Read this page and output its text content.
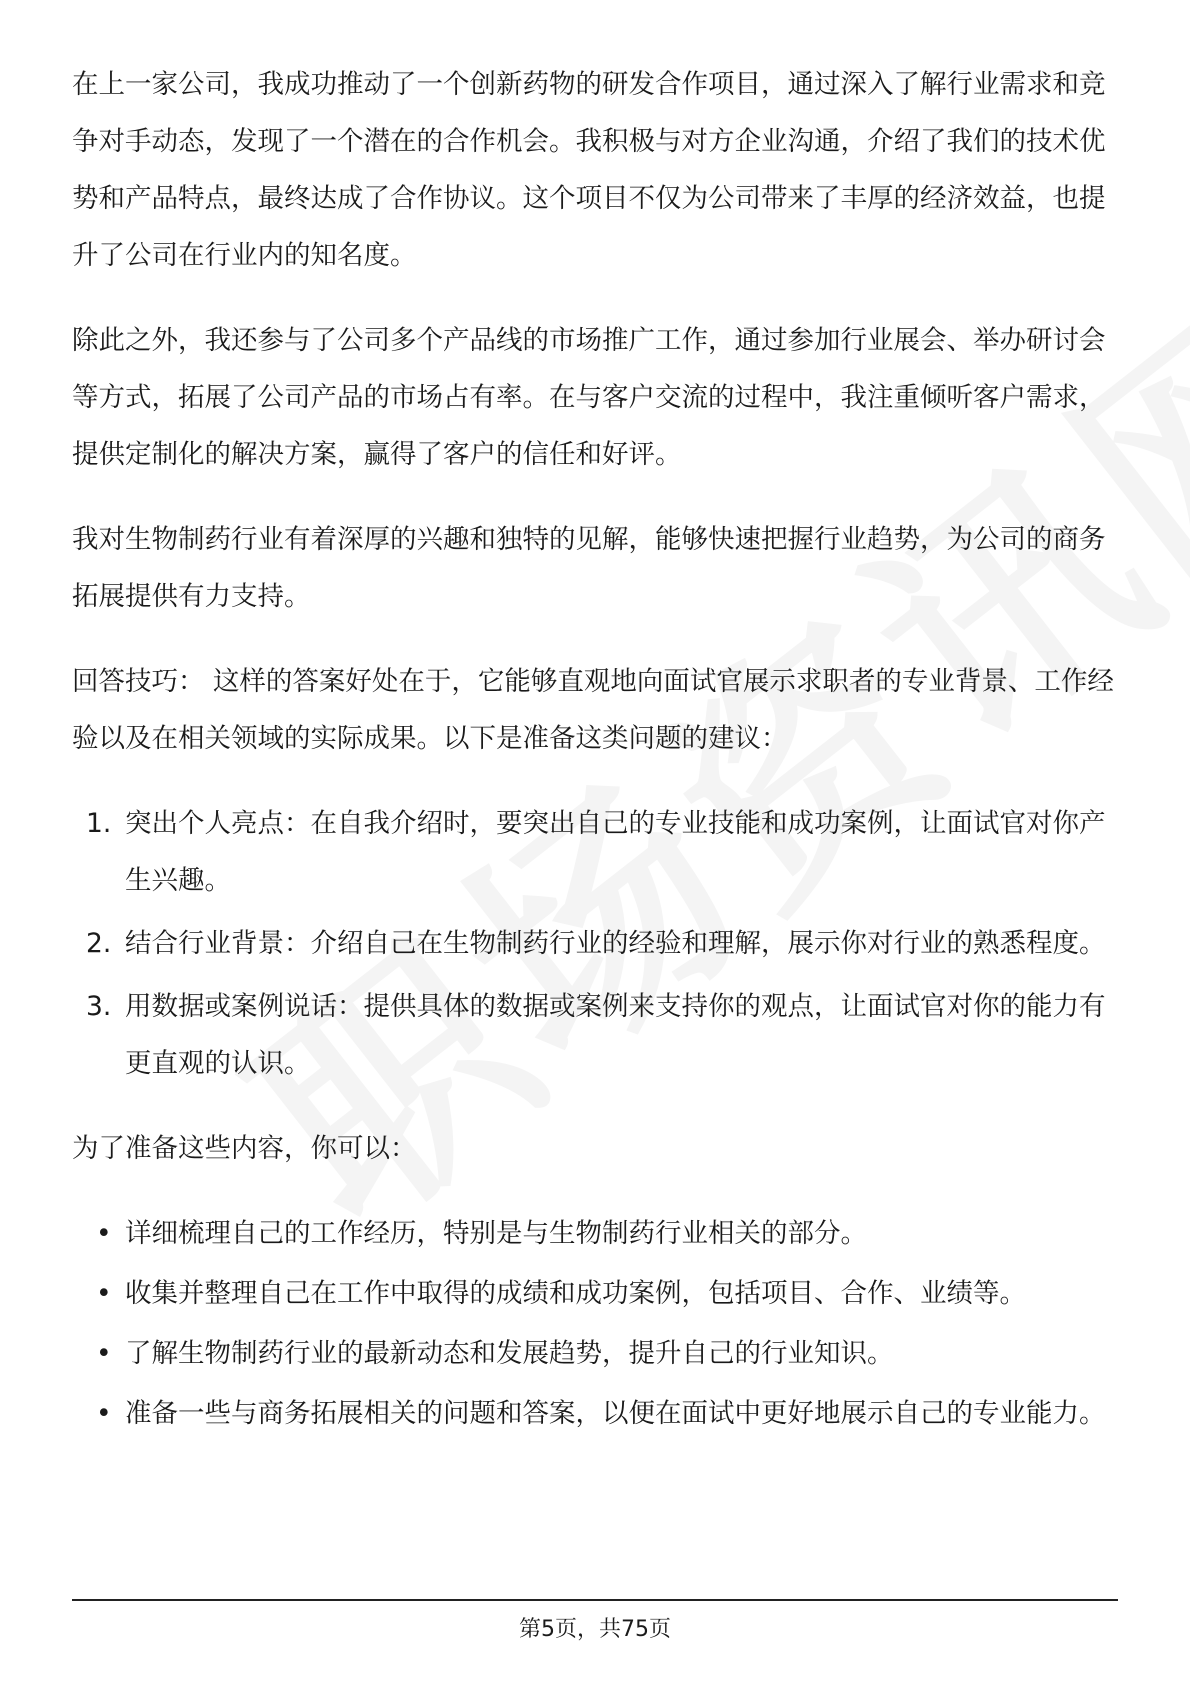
在上一家公司，我成功推动了一个创新药物的研发合作项目，通过深入了解行业需求和竞争对手动态，发现了一个潜在的合作机会。我积极与对方企业沟通，介绍了我们的技术优势和产品特点，最终达成了合作协议。这个项目不仅为公司带来了丰厚的经济效益，也提升了公司在行业内的知名度。

除此之外，我还参与了公司多个产品线的市场推广工作，通过参加行业展会、举办研讨会等方式，拓展了公司产品的市场占有率。在与客户交流的过程中，我注重倾听客户需求，提供定制化的解决方案，赢得了客户的信任和好评。

我对生物制药行业有着深厚的兴趣和独特的见解，能够快速把握行业趋势，为公司的商务拓展提供有力支持。

回答技巧： 这样的答案好处在于，它能够直观地向面试官展示求职者的专业背景、工作经验以及在相关领域的实际成果。以下是准备这类问题的建议：

1. 突出个人亮点：在自我介绍时，要突出自己的专业技能和成功案例，让面试官对你产生兴趣。
2. 结合行业背景：介绍自己在生物制药行业的经验和理解，展示你对行业的熟悉程度。
3. 用数据或案例说话：提供具体的数据或案例来支持你的观点，让面试官对你的能力有更直观的认识。

为了准备这些内容，你可以：

• 详细梳理自己的工作经历，特别是与生物制药行业相关的部分。
• 收集并整理自己在工作中取得的成绩和成功案例，包括项目、合作、业绩等。
• 了解生物制药行业的最新动态和发展趋势，提升自己的行业知识。
• 准备一些与商务拓展相关的问题和答案，以便在面试中更好地展示自己的专业能力。
第5页，共75页
